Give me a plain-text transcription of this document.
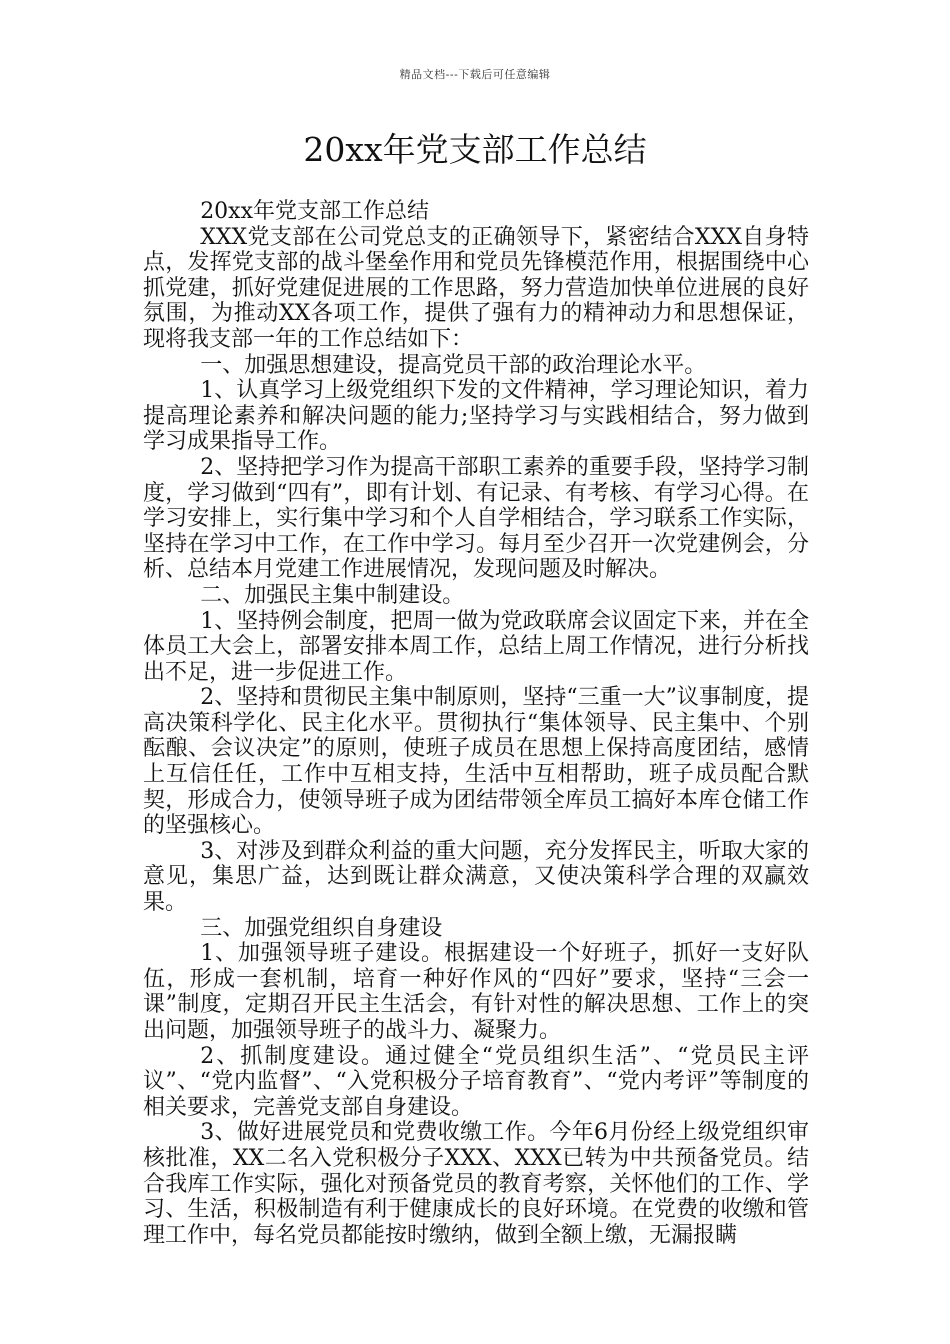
精品文档---下载后可任意编辑
20xx年党支部工作总结

20xx年党支部工作总结

XXX党支部在公司党总支的正确领导下，紧密结合XXX自身特点，发挥党支部的战斗堡垒作用和党员先锋模范作用，根据围绕中心抓党建，抓好党建促进展的工作思路，努力营造加快单位进展的良好氛围，为推动XX各项工作，提供了强有力的精神动力和思想保证，现将我支部一年的工作总结如下：

一、加强思想建设，提高党员干部的政治理论水平。

1、认真学习上级党组织下发的文件精神，学习理论知识，着力提高理论素养和解决问题的能力;坚持学习与实践相结合，努力做到学习成果指导工作。

2、坚持把学习作为提高干部职工素养的重要手段，坚持学习制度，学习做到“四有”，即有计划、有记录、有考核、有学习心得。在学习安排上，实行集中学习和个人自学相结合，学习联系工作实际，坚持在学习中工作，在工作中学习。每月至少召开一次党建例会，分析、总结本月党建工作进展情况，发现问题及时解决。

二、加强民主集中制建设。

1、坚持例会制度，把周一做为党政联席会议固定下来，并在全体员工大会上，部署安排本周工作，总结上周工作情况，进行分析找出不足，进一步促进工作。

2、坚持和贯彻民主集中制原则，坚持“三重一大”议事制度，提高决策科学化、民主化水平。贯彻执行“集体领导、民主集中、个别酝酿、会议决定”的原则，使班子成员在思想上保持高度团结，感情上互信任任，工作中互相支持，生活中互相帮助，班子成员配合默契，形成合力，使领导班子成为团结带领全库员工搞好本库仓储工作的坚强核心。

3、对涉及到群众利益的重大问题，充分发挥民主，听取大家的意见，集思广益，达到既让群众满意，又使决策科学合理的双赢效果。

三、加强党组织自身建设

1、加强领导班子建设。根据建设一个好班子，抓好一支好队伍，形成一套机制，培育一种好作风的“四好”要求，坚持“三会一课”制度，定期召开民主生活会，有针对性的解决思想、工作上的突出问题，加强领导班子的战斗力、凝聚力。

2、抓制度建设。通过健全“党员组织生活”、“党员民主评议”、“党内监督”、“入党积极分子培育教育”、“党内考评”等制度的相关要求，完善党支部自身建设。

3、做好进展党员和党费收缴工作。今年6月份经上级党组织审核批准，XX二名入党积极分子XXX、XXX已转为中共预备党员。结合我库工作实际，强化对预备党员的教育考察，关怀他们的工作、学习、生活，积极制造有利于健康成长的良好环境。在党费的收缴和管理工作中，每名党员都能按时缴纳，做到全额上缴，无漏报瞒
